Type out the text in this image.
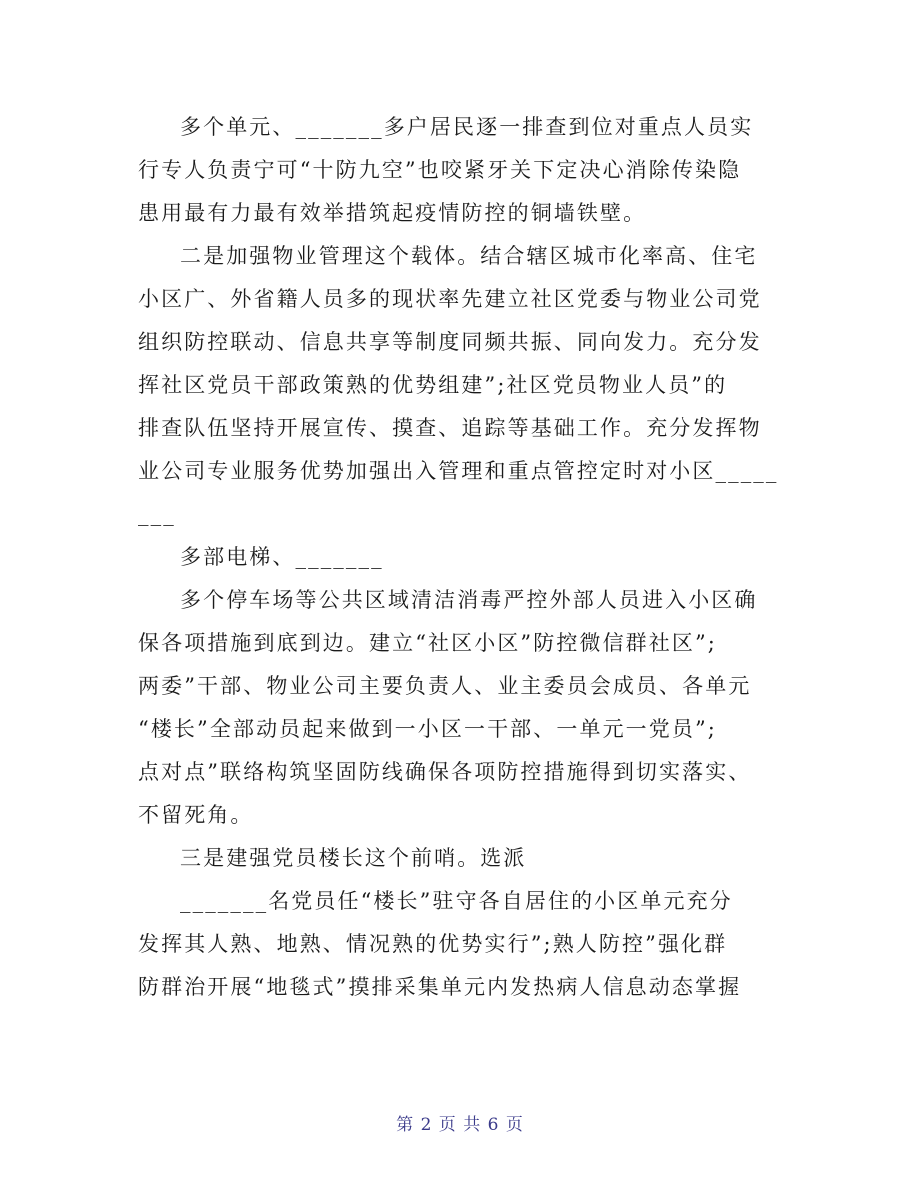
多个单元、_______多户居民逐一排查到位对重点人员实
行专人负责宁可“十防九空”也咬紧牙关下定决心消除传染隐
患用最有力最有效举措筑起疫情防控的铜墙铁壁。
二是加强物业管理这个载体。结合辖区城市化率高、住宅
小区广、外省籍人员多的现状率先建立社区党委与物业公司党
组织防控联动、信息共享等制度同频共振、同向发力。充分发
挥社区党员干部政策熟的优势组建”;社区党员物业人员”的
排查队伍坚持开展宣传、摸查、追踪等基础工作。充分发挥物
业公司专业服务优势加强出入管理和重点管控定时对小区_____
___
多部电梯、_______
多个停车场等公共区域清洁消毒严控外部人员进入小区确
保各项措施到底到边。建立“社区小区”防控微信群社区”;
两委”干部、物业公司主要负责人、业主委员会成员、各单元
“楼长”全部动员起来做到一小区一干部、一单元一党员”;
点对点”联络构筑坚固防线确保各项防控措施得到切实落实、
不留死角。
三是建强党员楼长这个前哨。选派
_______名党员任“楼长”驻守各自居住的小区单元充分
发挥其人熟、地熟、情况熟的优势实行”;熟人防控”强化群
防群治开展“地毯式”摸排采集单元内发热病人信息动态掌握
第 2 页 共 6 页
